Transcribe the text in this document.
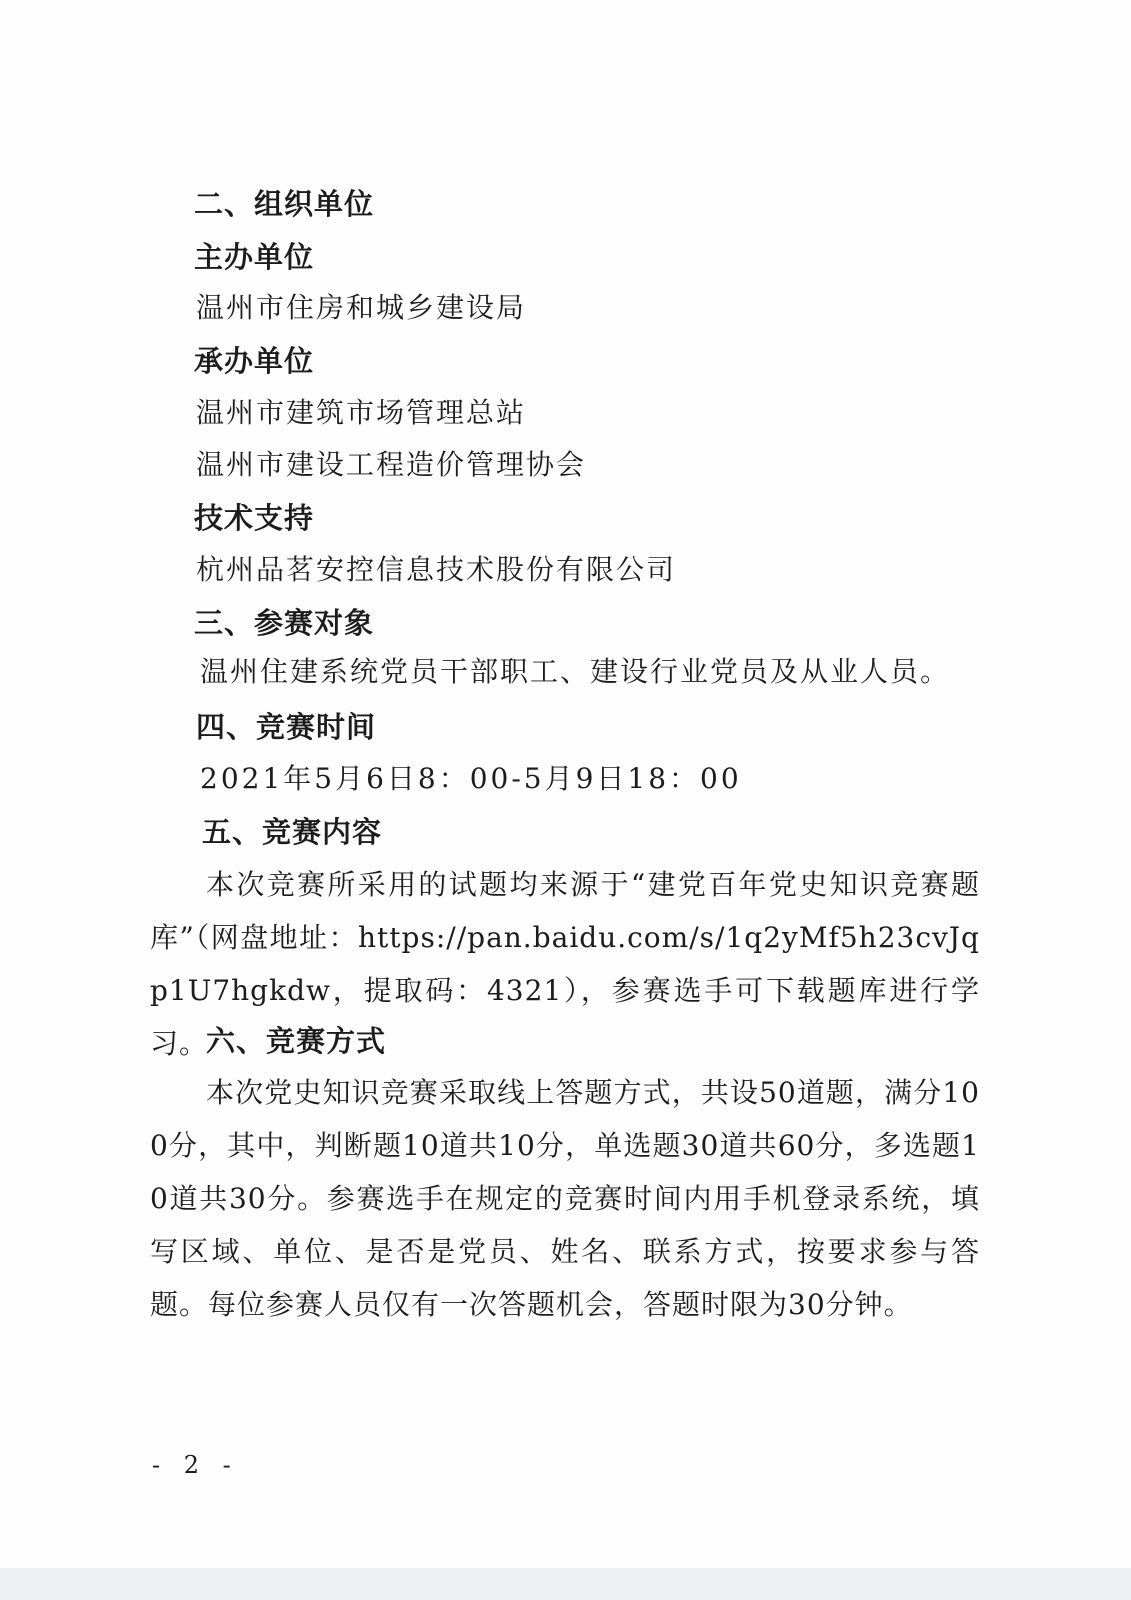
二、组织单位
主办单位
温州市住房和城乡建设局
承办单位
温州市建筑市场管理总站
温州市建设工程造价管理协会
技术支持
杭州品茗安控信息技术股份有限公司
三、参赛对象
温州住建系统党员干部职工、建设行业党员及从业人员。
四、竞赛时间
2021年5月6日8：00-5月9日18：00
五、竞赛内容
本次竞赛所采用的试题均来源于“建党百年党史知识竞赛题库”（网盘地址：https://pan.baidu.com/s/1q2yMf5h23cvJqp1U7hgkdw，提取码：4321），参赛选手可下载题库进行学习。
六、竞赛方式
本次党史知识竞赛采取线上答题方式，共设50道题，满分100分，其中，判断题10道共10分，单选题30道共60分，多选题10道共30分。参赛选手在规定的竞赛时间内用手机登录系统，填写区域、单位、是否是党员、姓名、联系方式，按要求参与答题。每位参赛人员仅有一次答题机会，答题时限为30分钟。
- 2 -
